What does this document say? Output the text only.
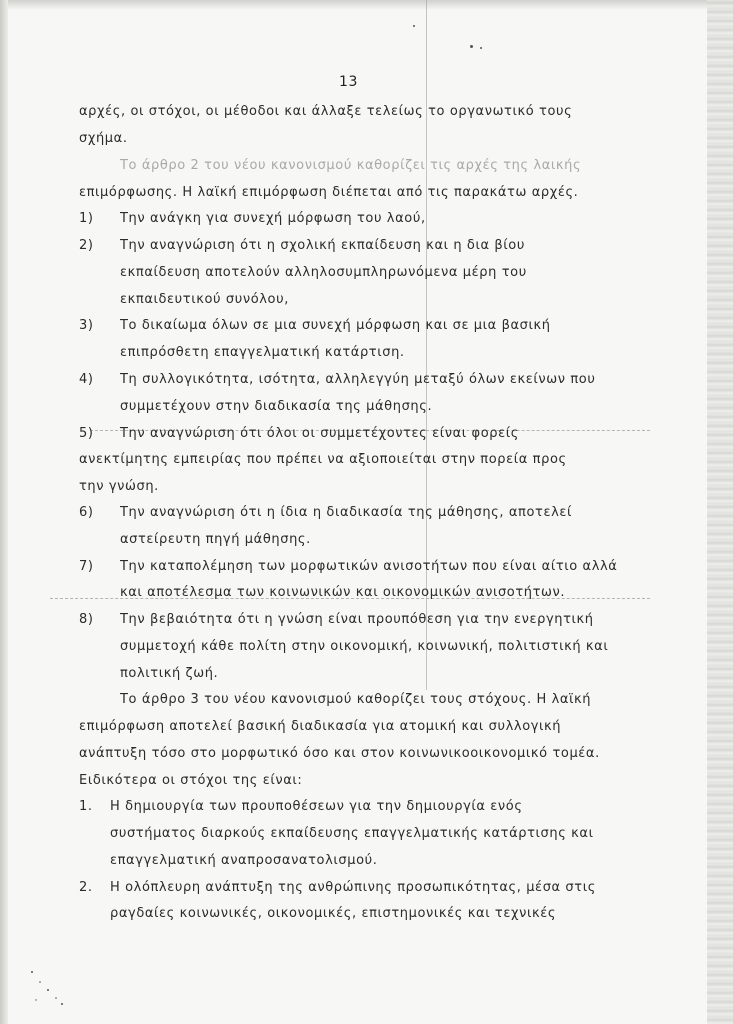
13
αρχές, οι στόχοι, οι μέθοδοι και άλλαξε τελείως το οργανωτικό τους
σχήμα.
Το άρθρο 2 του νέου κανονισμού καθορίζει τις αρχές της λαικής
επιμόρφωσης. Η λαϊκή επιμόρφωση διέπεται από τις παρακάτω αρχές.
1) Την ανάγκη για συνεχή μόρφωση του λαού,
2) Την αναγνώριση ότι η σχολική εκπαίδευση και η δια βίου
εκπαίδευση αποτελούν αλληλοσυμπληρωνόμενα μέρη του
εκπαιδευτικού συνόλου,
3) Το δικαίωμα όλων σε μια συνεχή μόρφωση και σε μια βασική
επιπρόσθετη επαγγελματική κατάρτιση.
4) Τη συλλογικότητα, ισότητα, αλληλεγγύη μεταξύ όλων εκείνων που
συμμετέχουν στην διαδικασία της μάθησης.
5) Την αναγνώριση ότι όλοι οι συμμετέχοντες είναι φορείς
ανεκτίμητης εμπειρίας που πρέπει να αξιοποιείται στην πορεία προς
την γνώση.
6) Την αναγνώριση ότι η ίδια η διαδικασία της μάθησης, αποτελεί
αστείρευτη πηγή μάθησης.
7) Την καταπολέμηση των μορφωτικών ανισοτήτων που είναι αίτιο αλλά
και αποτέλεσμα των κοινωνικών και οικονομικών ανισοτήτων.
8) Την βεβαιότητα ότι η γνώση είναι προυπόθεση για την ενεργητική
συμμετοχή κάθε πολίτη στην οικονομική, κοινωνική, πολιτιστική και
πολιτική ζωή.
Το άρθρο 3 του νέου κανονισμού καθορίζει τους στόχους. Η λαϊκή
επιμόρφωση αποτελεί βασική διαδικασία για ατομική και συλλογική
ανάπτυξη τόσο στο μορφωτικό όσο και στον κοινωνικοοικονομικό τομέα.
Ειδικότερα οι στόχοι της είναι:
1. Η δημιουργία των προυποθέσεων για την δημιουργία ενός
συστήματος διαρκούς εκπαίδευσης επαγγελματικής κατάρτισης και
επαγγελματική αναπροσανατολισμού.
2. Η ολόπλευρη ανάπτυξη της ανθρώπινης προσωπικότητας, μέσα στις
ραγδαίες κοινωνικές, οικονομικές, επιστημονικές και τεχνικές
